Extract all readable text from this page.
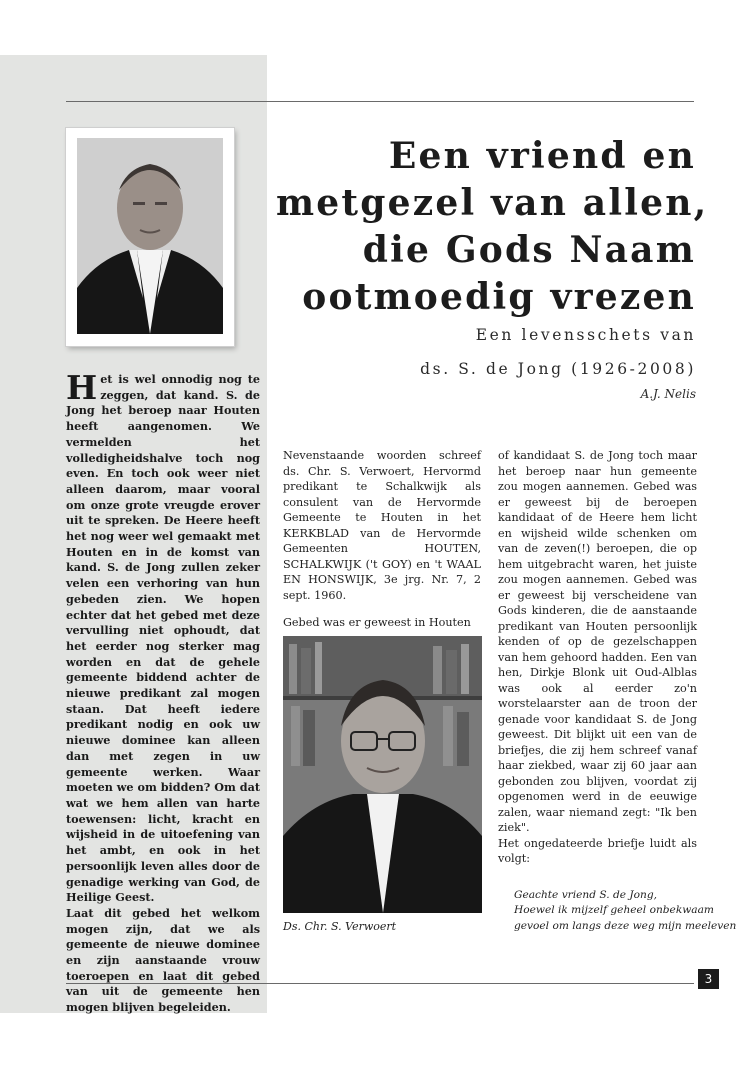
Het is wel onnodig nog te zeggen, dat kand. S. de Jong het beroep naar Houten heeft aangenomen. We vermelden het volledigheidshalve toch nog even. En toch ook weer niet alleen daarom, maar vooral om onze grote vreugde erover uit te spreken. De Heere heeft het nog weer wel gemaakt met Houten en in de komst van kand. S. de Jong zullen zeker velen een verhoring van hun gebeden zien. We hopen echter dat het gebed met deze vervulling niet ophoudt, dat het eerder nog sterker mag worden en dat de gehele gemeente biddend achter de nieuwe predikant zal mogen staan. Dat heeft iedere predikant nodig en ook uw nieuwe dominee kan alleen dan met zegen in uw gemeente werken. Waar moeten we om bidden? Om dat wat we hem allen van harte toewensen: licht, kracht en wijsheid in de uitoefening van het ambt, en ook in het persoonlijk leven alles door de genadige werking van God, de Heilige Geest.

Laat dit gebed het welkom mogen zijn, dat we als gemeente de nieuwe dominee en zijn aanstaande vrouw toeroepen en laat dit gebed van uit de gemeente hen mogen blijven begeleiden.

Een vriend en
metgezel van allen,
die Gods Naam
ootmoedig vrezen
Een levensschets van
ds. S. de Jong (1926-2008)
A.J. Nelis

Nevenstaande woorden schreef ds. Chr. S. Verwoert, Hervormd predikant te Schalkwijk als consulent van de Hervormde Gemeente te Houten in het KERKBLAD van de Hervormde Gemeenten HOUTEN, SCHALKWIJK ('t GOY) en 't WAAL EN HONSWIJK, 3e jrg. Nr. 7, 2 sept. 1960.

Gebed was er geweest in Houten

Ds. Chr. S. Verwoert

of kandidaat S. de Jong toch maar het beroep naar hun gemeente zou mogen aannemen. Gebed was er geweest bij de beroepen kandidaat of de Heere hem licht en wijsheid wilde schenken om van de zeven(!) beroepen, die op hem uitgebracht waren, het juiste zou mogen aannemen. Gebed was er geweest bij verscheidene van Gods kinderen, die de aanstaande predikant van Houten persoonlijk kenden of op de gezelschappen van hem gehoord hadden. Een van hen, Dirkje Blonk uit Oud-Alblas was ook al eerder zo'n worstelaarster aan de troon der genade voor kandidaat S. de Jong geweest. Dit blijkt uit een van de briefjes, die zij hem schreef vanaf haar ziekbed, waar zij 60 jaar aan gebonden zou blijven, voordat zij opgenomen werd in de eeuwige zalen, waar niemand zegt: "Ik ben ziek".

Het ongedateerde briefje luidt als volgt:

Geachte vriend S. de Jong,
Hoewel ik mijzelf geheel onbekwaam
gevoel om langs deze weg mijn meeleven
3
